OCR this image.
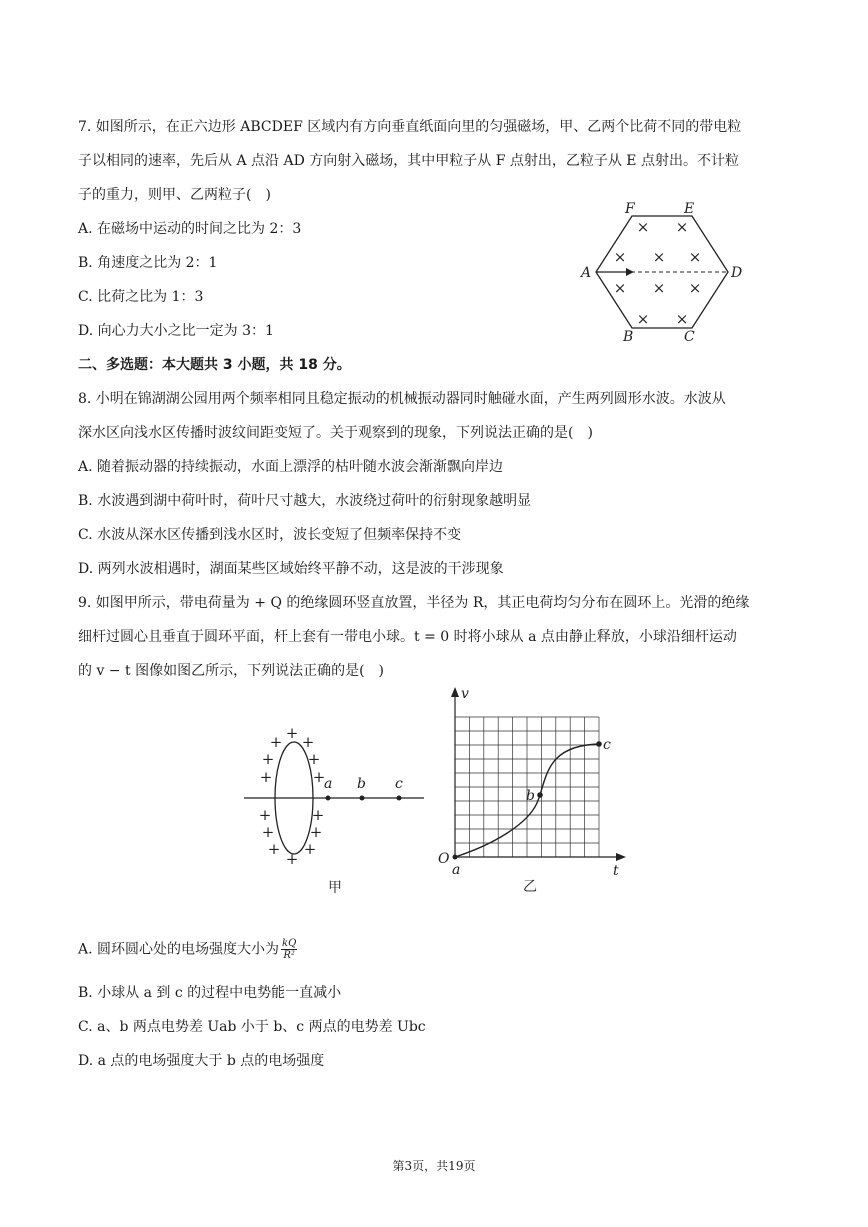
7. 如图所示，在正六边形 ABCDEF 区域内有方向垂直纸面向里的匀强磁场，甲、乙两个比荷不同的带电粒
子以相同的速率，先后从 A 点沿 AD 方向射入磁场，其中甲粒子从 F 点射出，乙粒子从 E 点射出。不计粒
子的重力，则甲、乙两粒子(　)
A. 在磁场中运动的时间之比为 2：3
B. 角速度之比为 2：1
C. 比荷之比为 1：3
D. 向心力大小之比一定为 3：1
× ×
× × ×
× × ×
× ×
F	E
A	D
B	C
二、多选题：本大题共 3 小题，共 18 分。
8. 小明在锦湖湖公园用两个频率相同且稳定振动的机械振动器同时触碰水面，产生两列圆形水波。水波从
深水区向浅水区传播时波纹间距变短了。关于观察到的现象，下列说法正确的是(　)
A. 随着振动器的持续振动，水面上漂浮的枯叶随水波会渐渐飘向岸边
B. 水波遇到湖中荷叶时，荷叶尺寸越大，水波绕过荷叶的衍射现象越明显
C. 水波从深水区传播到浅水区时，波长变短了但频率保持不变
D. 两列水波相遇时，湖面某些区域始终平静不动，这是波的干涉现象
9. 如图甲所示，带电荷量为 + Q 的绝缘圆环竖直放置，半径为 R，其正电荷均匀分布在圆环上。光滑的绝缘
细杆过圆心且垂直于圆环平面，杆上套有一带电小球。t = 0 时将小球从 a 点由静止释放，小球沿细杆运动
的 v − t 图像如图乙所示，下列说法正确的是(　)
+
+ +
+ +
+	+
+	+
+ +
+ +
+
a b c
甲
v
t
O
a
b
c
乙
A. 圆环圆心处的电场强度大小为 $\frac{kQ}{\text{R²}}$
B. 小球从 a 到 c 的过程中电势能一直减小
C. a、b 两点电势差 Uab 小于 b、c 两点的电势差 Ubc
D. a 点的电场强度大于 b 点的电场强度
第3页，共19页
